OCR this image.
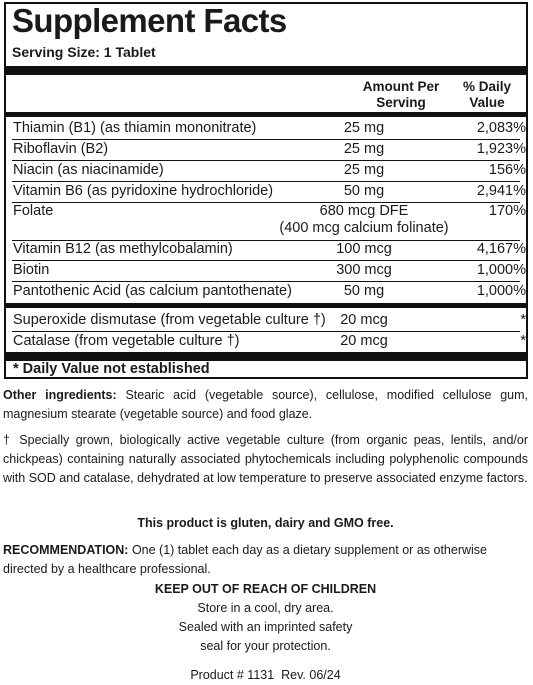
Supplement Facts
Serving Size: 1 Tablet
Amount Per Serving
% Daily Value
Thiamin (B1) (as thiamin mononitrate)	25 mg	2,083%
Riboflavin (B2)	25 mg	1,923%
Niacin (as niacinamide)	25 mg	156%
Vitamin B6 (as pyridoxine hydrochloride)	50 mg	2,941%
Folate	680 mcg DFE	170%
(400 mcg calcium folinate)
Vitamin B12 (as methylcobalamin)	100 mcg	4,167%
Biotin	300 mcg	1,000%
Pantothenic Acid (as calcium pantothenate)	50 mg	1,000%
Superoxide dismutase (from vegetable culture †)	20 mcg	*
Catalase (from vegetable culture †)	20 mcg	*
* Daily Value not established

Other ingredients: Stearic acid (vegetable source), cellulose, modified cellulose gum, magnesium stearate (vegetable source) and food glaze.

† Specially grown, biologically active vegetable culture (from organic peas, lentils, and/or chickpeas) containing naturally associated phytochemicals including polyphenolic compounds with SOD and catalase, dehydrated at low temperature to preserve associated enzyme factors.

This product is gluten, dairy and GMO free.

RECOMMENDATION: One (1) tablet each day as a dietary supplement or as otherwise directed by a healthcare professional.

KEEP OUT OF REACH OF CHILDREN

Store in a cool, dry area.

Sealed with an imprinted safety

seal for your protection.

Product # 1131  Rev. 06/24
